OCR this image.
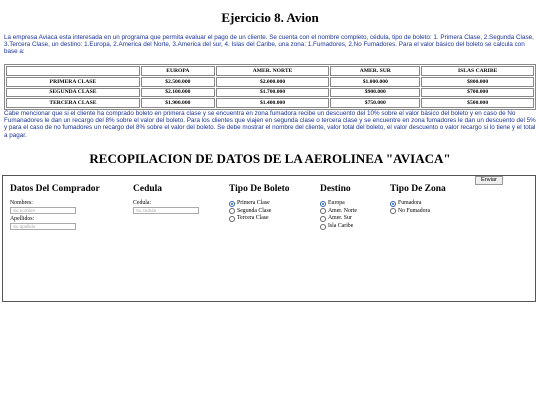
Ejercicio 8. Avion
La empresa Aviaca esta interesada en un programa que permita evaluar el pago de un cliente. Se cuenta con el nombre completo, cédula, tipo de boleto: 1. Primera Clase, 2.Segunda Clase, 3.Tercera Clase, un destino: 1.Europa, 2.America del Norte, 3.America del sur, 4. Islas del Caribe, una zona: 1.Fumadores, 2.No Fumadores. Para el valor básico del boleto se calcula con base a:
	EUROPA	AMER. NORTE	AMER. SUR	ISLAS CARIBE
PRIMERA CLASE	$2.500.000	$2.000.000	$1.000.000	$800.000
SEGUNDA CLASE	$2.100.000	$1.700.000	$900.000	$700.000
TERCERA CLASE	$1.900.000	$1.400.000	$750.000	$500.000
Cabe mencionar que si el cliente ha comprado boleto en primera clase y se encuentra en zona fumadora recibe un descuento del 10% sobre el valor básico del boleto y en caso de No Fumanadores le dan un recargo del 8% sobre el valor del boleto. Para los clientes que viajen en segunda clase o tercera clase y se encuentre en zona fumadores le dan un descuento del 5% y para el caso de no fumadores un recargo del 8% sobre el valor del boleto. Se debe mostrar el nombre del cliente, valor total del boleto, el valor descuento o valor recargo si lo tiene y el total a pagar.
RECOPILACION DE DATOS DE LA AEROLINEA "AVIACA"
Enviar
Datos Del Comprador
Nombres:
Su nombre
Apellidos:
Su apellido
Cedula
Cedula:
Su cedula
Tipo De Boleto
Primera Clase
Segunda Clase
Tercera Clase
Destino
Europa
Amer. Norte
Amer. Sur
Isla Caribe
Tipo De Zona
Fumadora
No Fumadora
